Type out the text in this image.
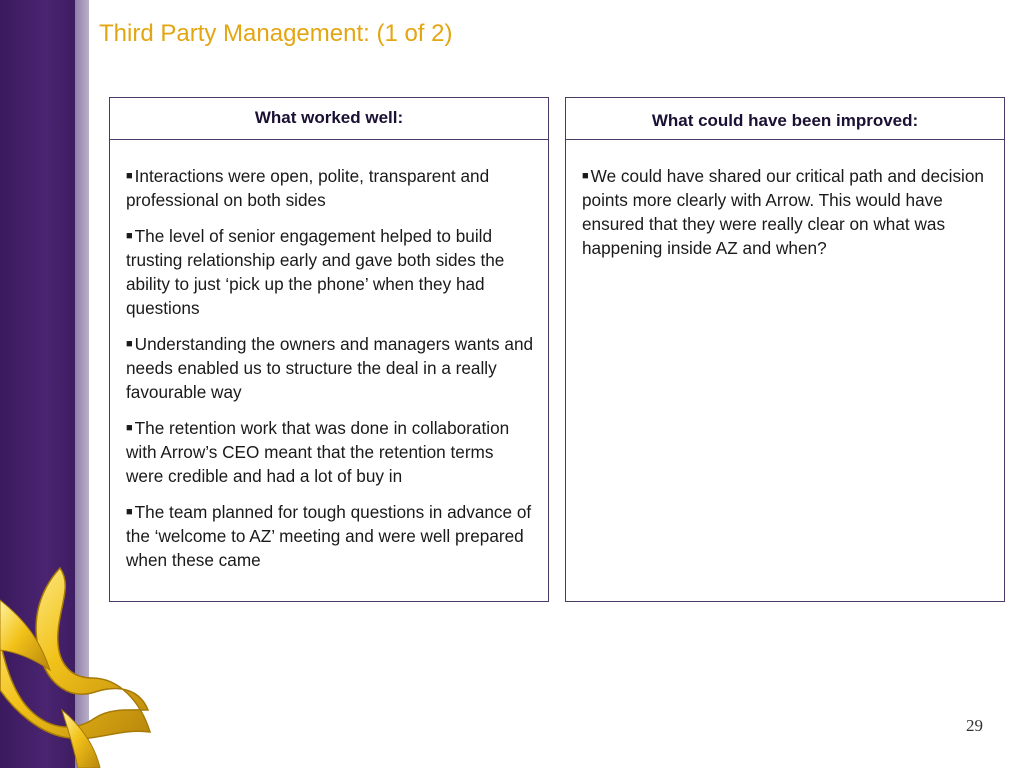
Third Party Management: (1 of 2)
What worked well:

■ Interactions were open, polite, transparent and professional on both sides

■ The level of senior engagement helped to build trusting relationship early and gave both sides the ability to just ‘pick up the phone’ when they had questions

■ Understanding the owners and managers wants and needs enabled us to structure the deal in a really favourable way

■ The retention work that was done in collaboration with Arrow’s CEO meant that the retention terms were credible and had a lot of buy in

■ The team planned for tough questions in advance of the ‘welcome to AZ’ meeting and were well prepared when these came

What could have been improved:

■ We could have shared our critical path and decision points more clearly with Arrow. This would have ensured that they were really clear on what was happening inside AZ and when?

29
